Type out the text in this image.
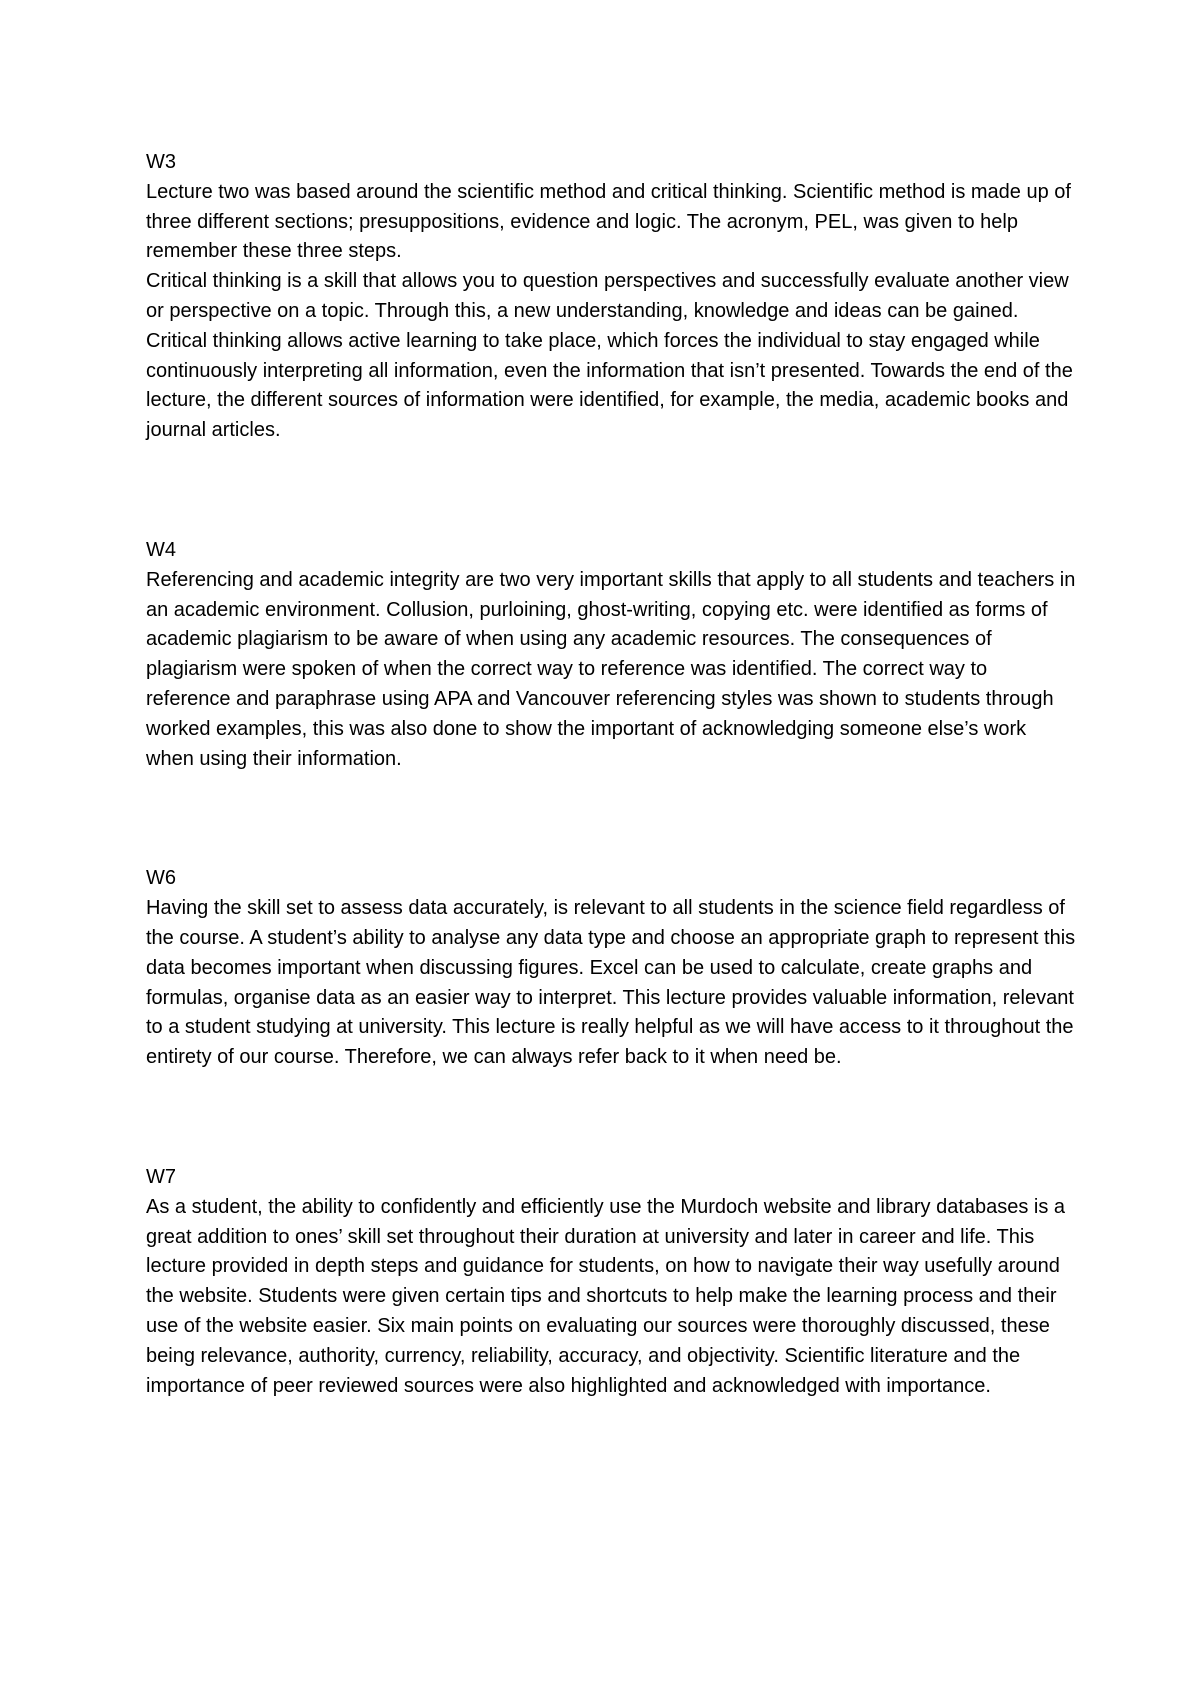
W3

Lecture two was based around the scientific method and critical thinking. Scientific method is made up of three different sections; presuppositions, evidence and logic. The acronym, PEL, was given to help remember these three steps.

Critical thinking is a skill that allows you to question perspectives and successfully evaluate another view or perspective on a topic. Through this, a new understanding, knowledge and ideas can be gained. Critical thinking allows active learning to take place, which forces the individual to stay engaged while continuously interpreting all information, even the information that isn’t presented. Towards the end of the lecture, the different sources of information were identified, for example, the media, academic books and journal articles.

W4

Referencing and academic integrity are two very important skills that apply to all students and teachers in an academic environment. Collusion, purloining, ghost-writing, copying etc. were identified as forms of academic plagiarism to be aware of when using any academic resources. The consequences of plagiarism were spoken of when the correct way to reference was identified. The correct way to reference and paraphrase using APA and Vancouver referencing styles was shown to students through worked examples, this was also done to show the important of acknowledging someone else’s work when using their information.

W6

Having the skill set to assess data accurately, is relevant to all students in the science field regardless of the course. A student’s ability to analyse any data type and choose an appropriate graph to represent this data becomes important when discussing figures. Excel can be used to calculate, create graphs and formulas, organise data as an easier way to interpret. This lecture provides valuable information, relevant to a student studying at university. This lecture is really helpful as we will have access to it throughout the entirety of our course. Therefore, we can always refer back to it when need be.

W7

As a student, the ability to confidently and efficiently use the Murdoch website and library databases is a great addition to ones’ skill set throughout their duration at university and later in career and life. This lecture provided in depth steps and guidance for students, on how to navigate their way usefully around the website. Students were given certain tips and shortcuts to help make the learning process and their use of the website easier. Six main points on evaluating our sources were thoroughly discussed, these being relevance, authority, currency, reliability, accuracy, and objectivity. Scientific literature and the importance of peer reviewed sources were also highlighted and acknowledged with importance.
